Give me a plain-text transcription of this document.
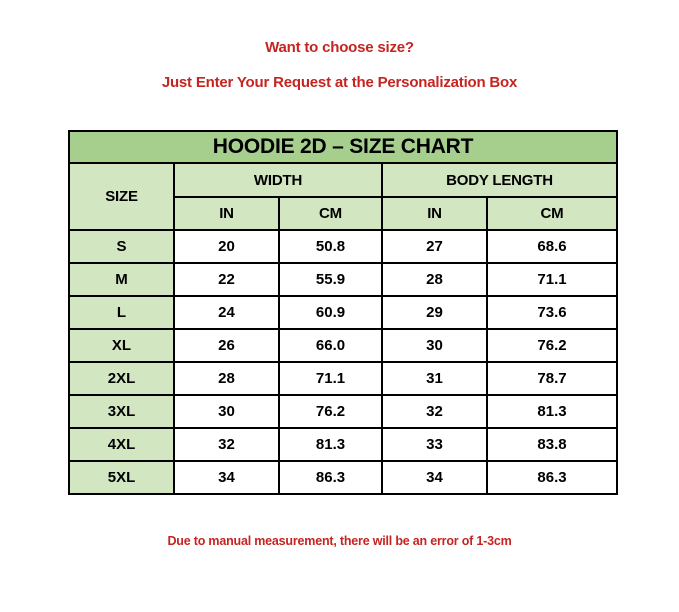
Want to choose size?
Just Enter Your Request at the Personalization Box
HOODIE 2D – SIZE CHART				
SIZE	WIDTH		BODY LENGTH	
	IN	CM	IN	CM
S	20	50.8	27	68.6
M	22	55.9	28	71.1
L	24	60.9	29	73.6
XL	26	66.0	30	76.2
2XL	28	71.1	31	78.7
3XL	30	76.2	32	81.3
4XL	32	81.3	33	83.8
5XL	34	86.3	34	86.3
Due to manual measurement, there will be an error of 1-3cm
